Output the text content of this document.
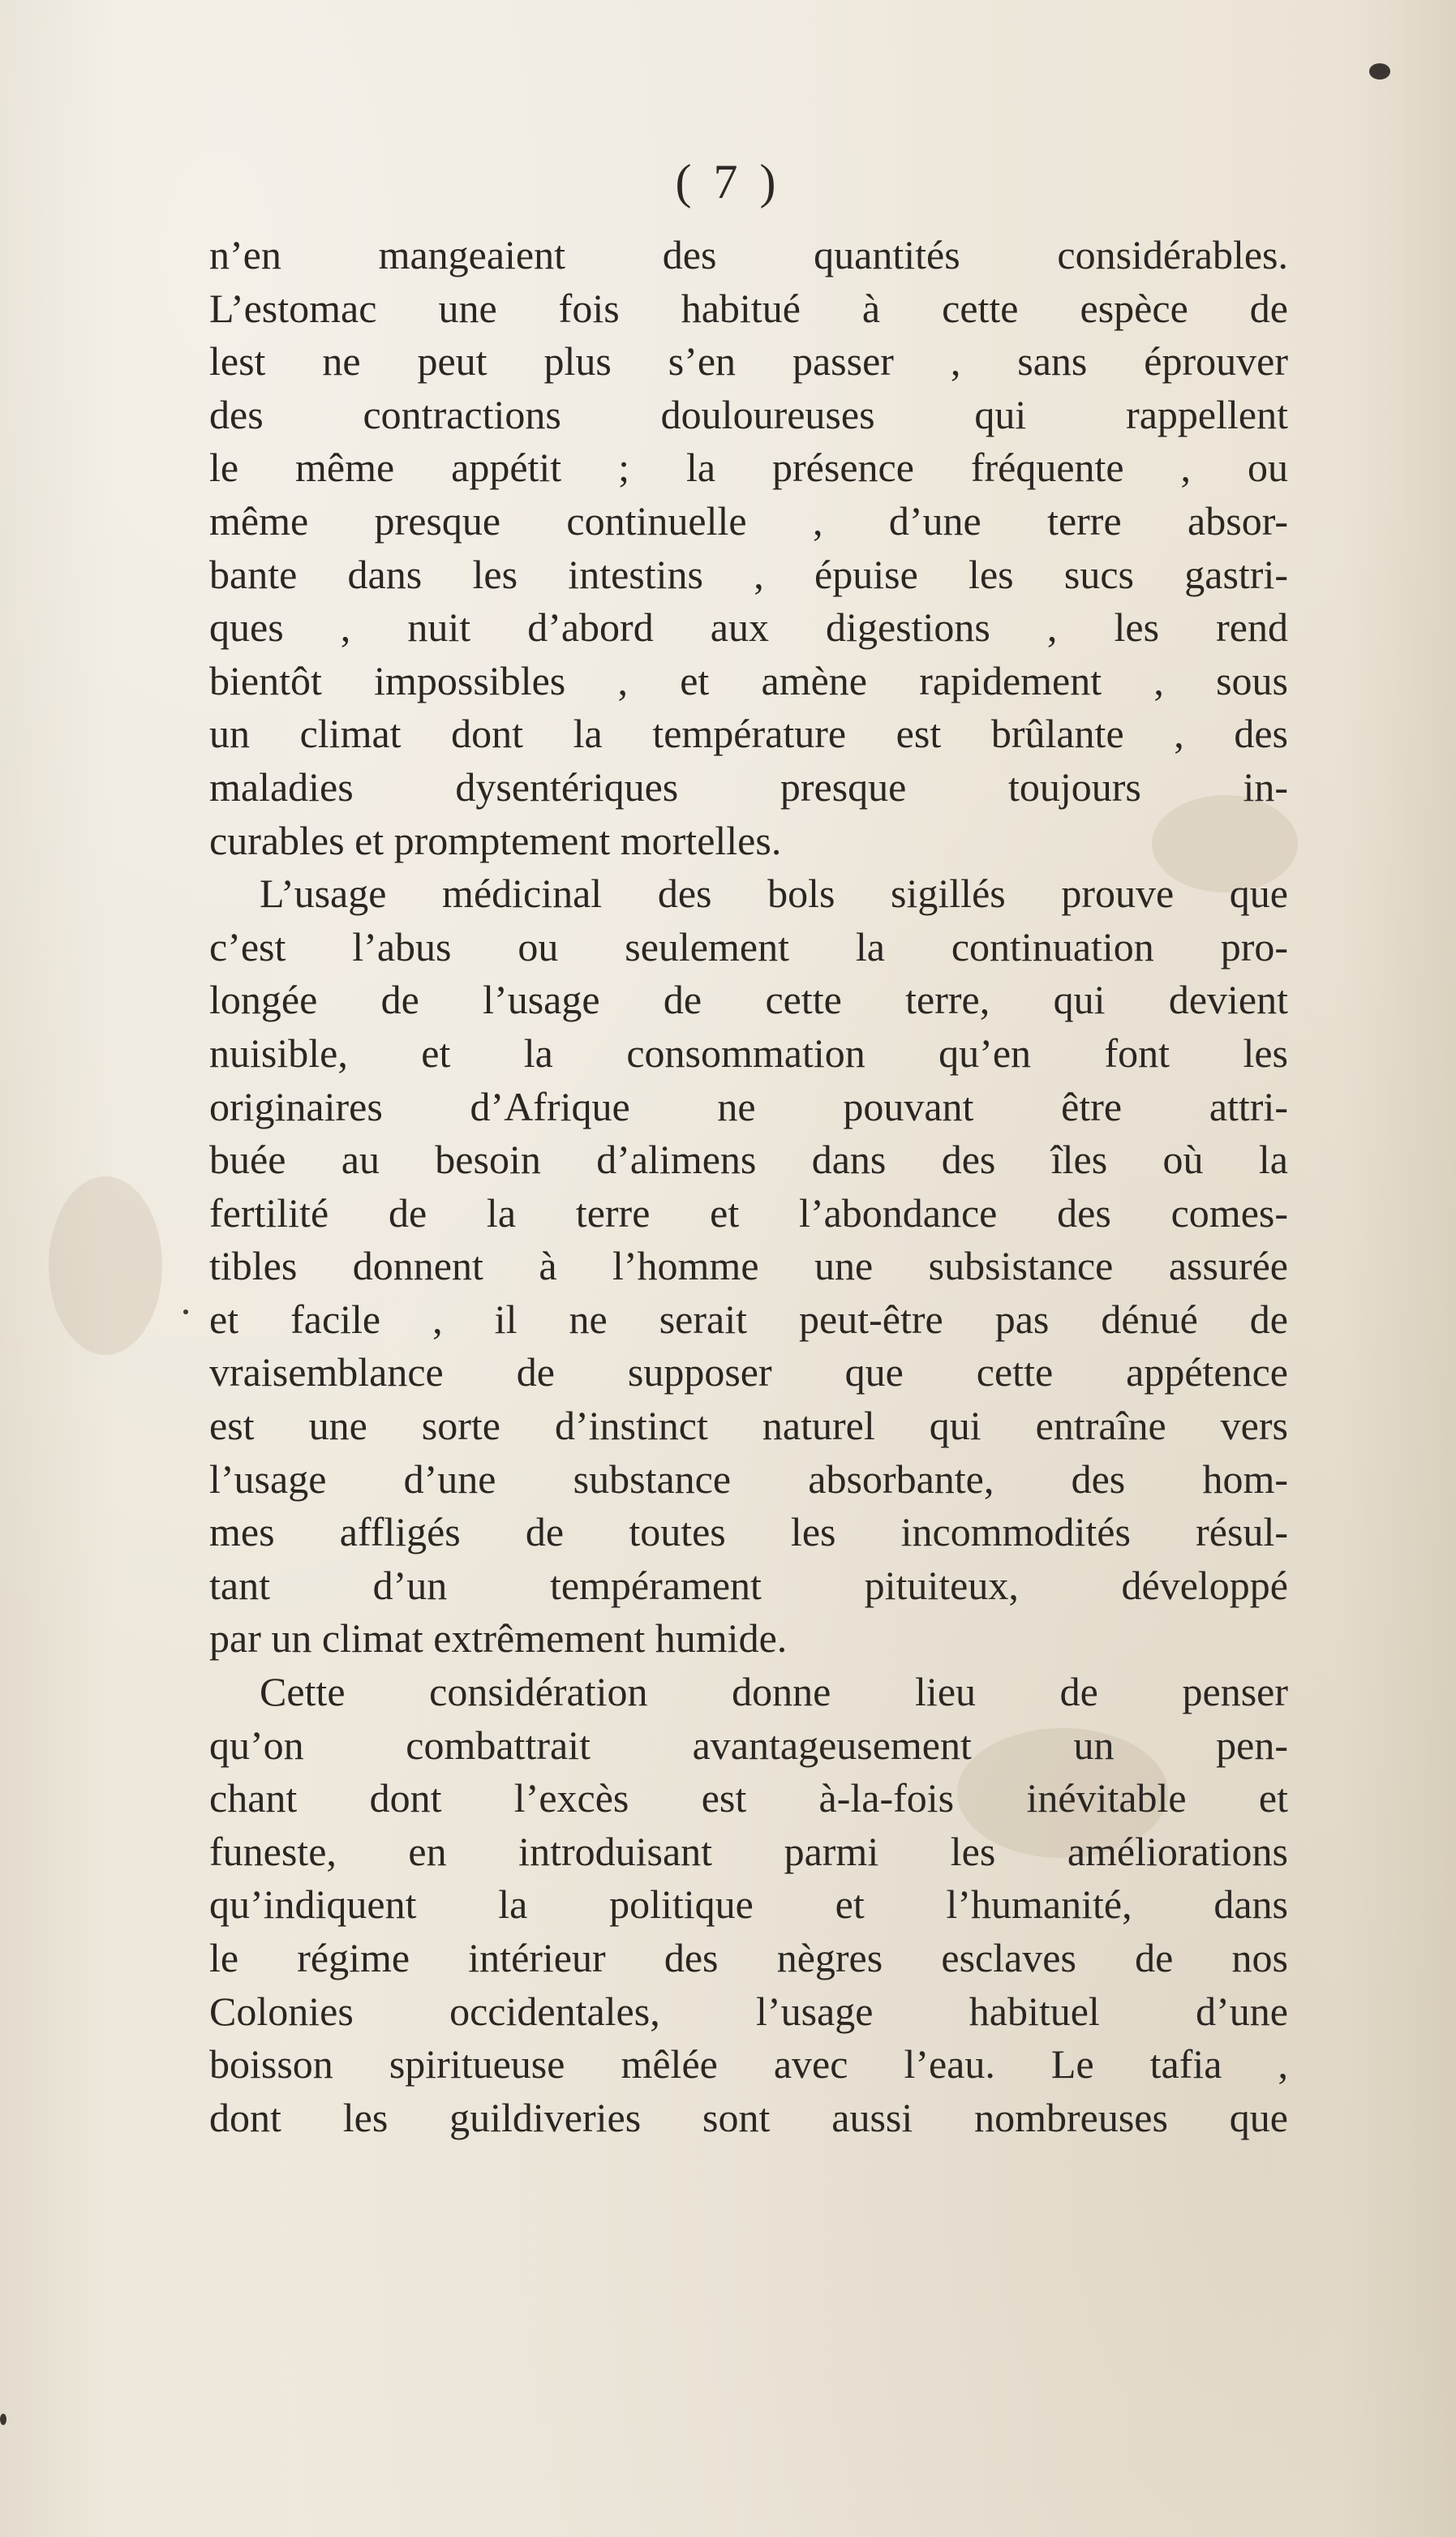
( 7 )
n’en mangeaient des quantités considérables.
L’estomac une fois habitué à cette espèce de
lest ne peut plus s’en passer , sans éprouver
des contractions douloureuses qui rappellent
le même appétit ; la présence fréquente , ou
même presque continuelle , d’une terre absor-
bante dans les intestins , épuise les sucs gastri-
ques , nuit d’abord aux digestions , les rend
bientôt impossibles , et amène rapidement , sous
un climat dont la température est brûlante , des
maladies dysentériques presque toujours in-
curables et promptement mortelles.
L’usage médicinal des bols sigillés prouve que
c’est l’abus ou seulement la continuation pro-
longée de l’usage de cette terre, qui devient
nuisible, et la consommation qu’en font les
originaires d’Afrique ne pouvant être attri-
buée au besoin d’alimens dans des îles où la
fertilité de la terre et l’abondance des comes-
tibles donnent à l’homme une subsistance assurée
et facile , il ne serait peut-être pas dénué de
vraisemblance de supposer que cette appétence
est une sorte d’instinct naturel qui entraîne vers
l’usage d’une substance absorbante, des hom-
mes affligés de toutes les incommodités résul-
tant d’un tempérament pituiteux, développé
par un climat extrêmement humide.
Cette considération donne lieu de penser
qu’on combattrait avantageusement un pen-
chant dont l’excès est à-la-fois inévitable et
funeste, en introduisant parmi les améliorations
qu’indiquent la politique et l’humanité, dans
le régime intérieur des nègres esclaves de nos
Colonies occidentales, l’usage habituel d’une
boisson spiritueuse mêlée avec l’eau. Le tafia ,
dont les guildiveries sont aussi nombreuses que
